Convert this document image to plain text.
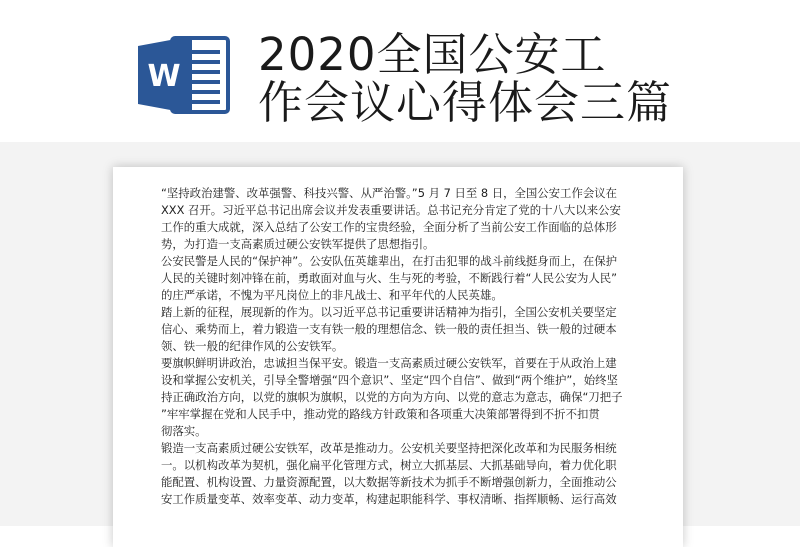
W 2020全国公安工
作会议心得体会三篇

“坚持政治建警、改革强警、科技兴警、从严治警。”5 月 7 日至 8 日，全国公安工作会议在

XXX 召开。习近平总书记出席会议并发表重要讲话。总书记充分肯定了党的十八大以来公安

工作的重大成就，深入总结了公安工作的宝贵经验，全面分析了当前公安工作面临的总体形

势，为打造一支高素质过硬公安铁军提供了思想指引。

公安民警是人民的“保护神”。公安队伍英雄辈出，在打击犯罪的战斗前线挺身而上，在保护

人民的关键时刻冲锋在前，勇敢面对血与火、生与死的考验，不断践行着“人民公安为人民”

的庄严承诺，不愧为平凡岗位上的非凡战士、和平年代的人民英雄。

踏上新的征程，展现新的作为。以习近平总书记重要讲话精神为指引，全国公安机关要坚定

信心、乘势而上，着力锻造一支有铁一般的理想信念、铁一般的责任担当、铁一般的过硬本

领、铁一般的纪律作风的公安铁军。

要旗帜鲜明讲政治，忠诚担当保平安。锻造一支高素质过硬公安铁军，首要在于从政治上建

设和掌握公安机关，引导全警增强“四个意识”、坚定“四个自信”、做到“两个维护”，始终坚

持正确政治方向，以党的旗帜为旗帜，以党的方向为方向、以党的意志为意志，确保“刀把子

”牢牢掌握在党和人民手中，推动党的路线方针政策和各项重大决策部署得到不折不扣贯

彻落实。

锻造一支高素质过硬公安铁军，改革是推动力。公安机关要坚持把深化改革和为民服务相统

一。以机构改革为契机，强化扁平化管理方式，树立大抓基层、大抓基础导向，着力优化职

能配置、机构设置、力量资源配置，以大数据等新技术为抓手不断增强创新力，全面推动公

安工作质量变革、效率变革、动力变革，构建起职能科学、事权清晰、指挥顺畅、运行高效
